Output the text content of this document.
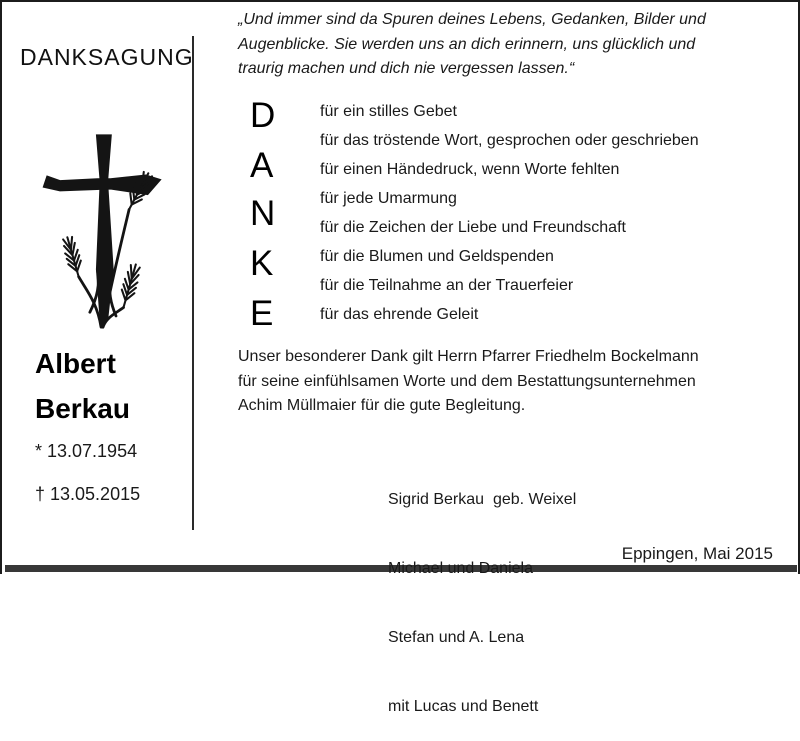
DANKSAGUNG
Albert
Berkau
* 13.07.1954
† 13.05.2015
„Und immer sind da Spuren deines Lebens, Gedanken, Bilder und
Augenblicke. Sie werden uns an dich erinnern, uns glücklich und
traurig machen und dich nie vergessen lassen.“
D
A
N
K
E
für ein stilles Gebet
für das tröstende Wort, gesprochen oder geschrieben
für einen Händedruck, wenn Worte fehlten
für jede Umarmung
für die Zeichen der Liebe und Freundschaft
für die Blumen und Geldspenden
für die Teilnahme an der Trauerfeier
für das ehrende Geleit
Unser besonderer Dank gilt Herrn Pfarrer Friedhelm Bockelmann
für seine einfühlsamen Worte und dem Bestattungsunternehmen
Achim Müllmaier für die gute Begleitung.

Sigrid Berkau  geb. Weixel

Michael und Daniela

Stefan und A. Lena

mit Lucas und Benett

Eppingen, Mai 2015
